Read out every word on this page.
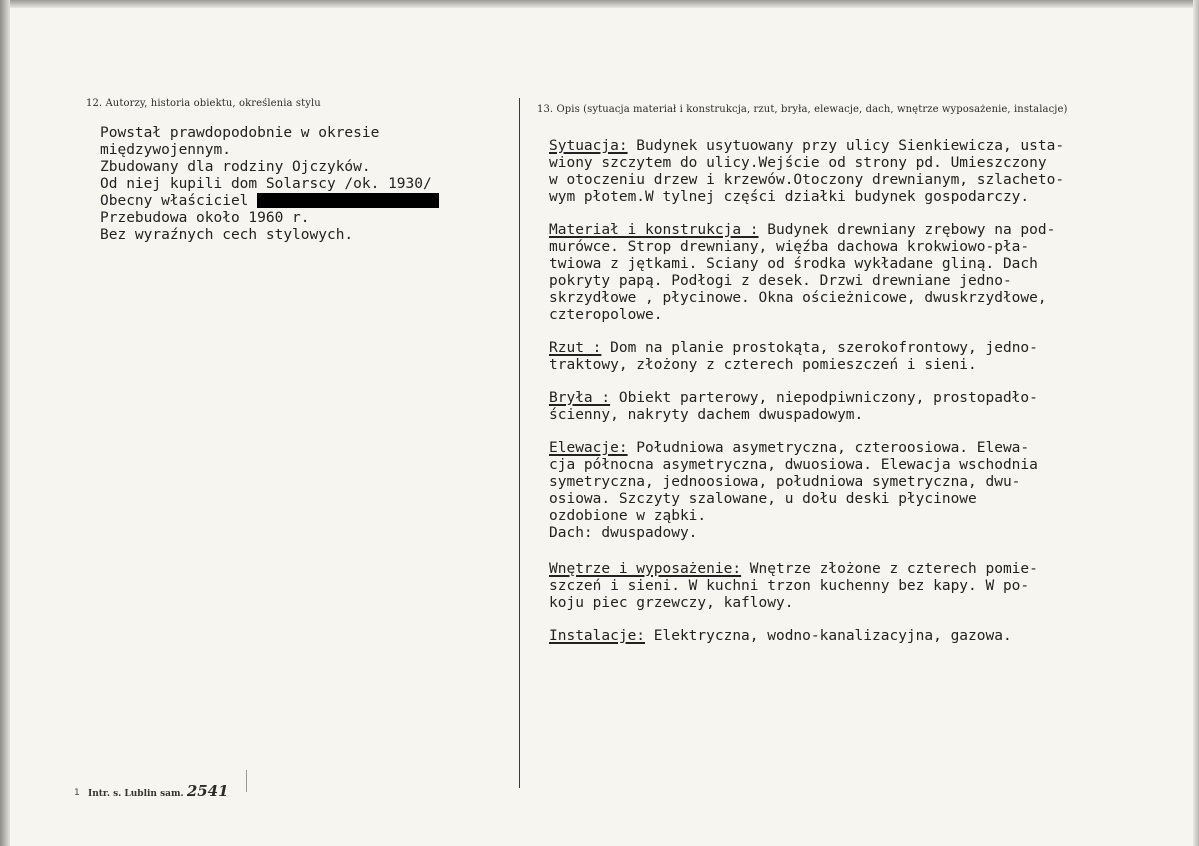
12. Autorzy, historia obiektu, określenia stylu
Powstał prawdopodobnie w okresie
międzywojennym.
Zbudowany dla rodziny Ojczyków.
Od niej kupili dom Solarscy /ok. 1930/
Obecny właściciel
Przebudowa około 1960 r.
Bez wyraźnych cech stylowych.
13. Opis (sytuacja materiał i konstrukcja, rzut, bryła, elewacje, dach, wnętrze wyposażenie, instalacje)
Sytuacja: Budynek usytuowany przy ulicy Sienkiewicza, usta-
wiony szczytem do ulicy.Wejście od strony pd. Umieszczony
w otoczeniu drzew i krzewów.Otoczony drewnianym, szlacheto-
wym płotem.W tylnej części działki budynek gospodarczy.
Materiał i konstrukcja : Budynek drewniany zrębowy na pod-
murówce. Strop drewniany, więźba dachowa krokwiowo-pła-
twiowa z jętkami. Sciany od środka wykładane gliną. Dach
pokryty papą. Podłogi z desek. Drzwi drewniane jedno-
skrzydłowe , płycinowe. Okna ościeżnicowe, dwuskrzydłowe,
czteropolowe.
Rzut : Dom na planie prostokąta, szerokofrontowy, jedno-
traktowy, złożony z czterech pomieszczeń i sieni.
Bryła : Obiekt parterowy, niepodpiwniczony, prostopadło-
ścienny, nakryty dachem dwuspadowym.
Elewacje: Południowa asymetryczna, czteroosiowa. Elewa-
cja północna asymetryczna, dwuosiowa. Elewacja wschodnia
symetryczna, jednoosiowa, południowa symetryczna, dwu-
osiowa. Szczyty szalowane, u dołu deski płycinowe
ozdobione w ząbki.
Dach: dwuspadowy.
Wnętrze i wyposażenie: Wnętrze złożone z czterech pomie-
szczeń i sieni. W kuchni trzon kuchenny bez kapy. W po-
koju piec grzewczy, kaflowy.
Instalacje: Elektryczna, wodno-kanalizacyjna, gazowa.
1 Intr. s. Lublin sam. 2541
